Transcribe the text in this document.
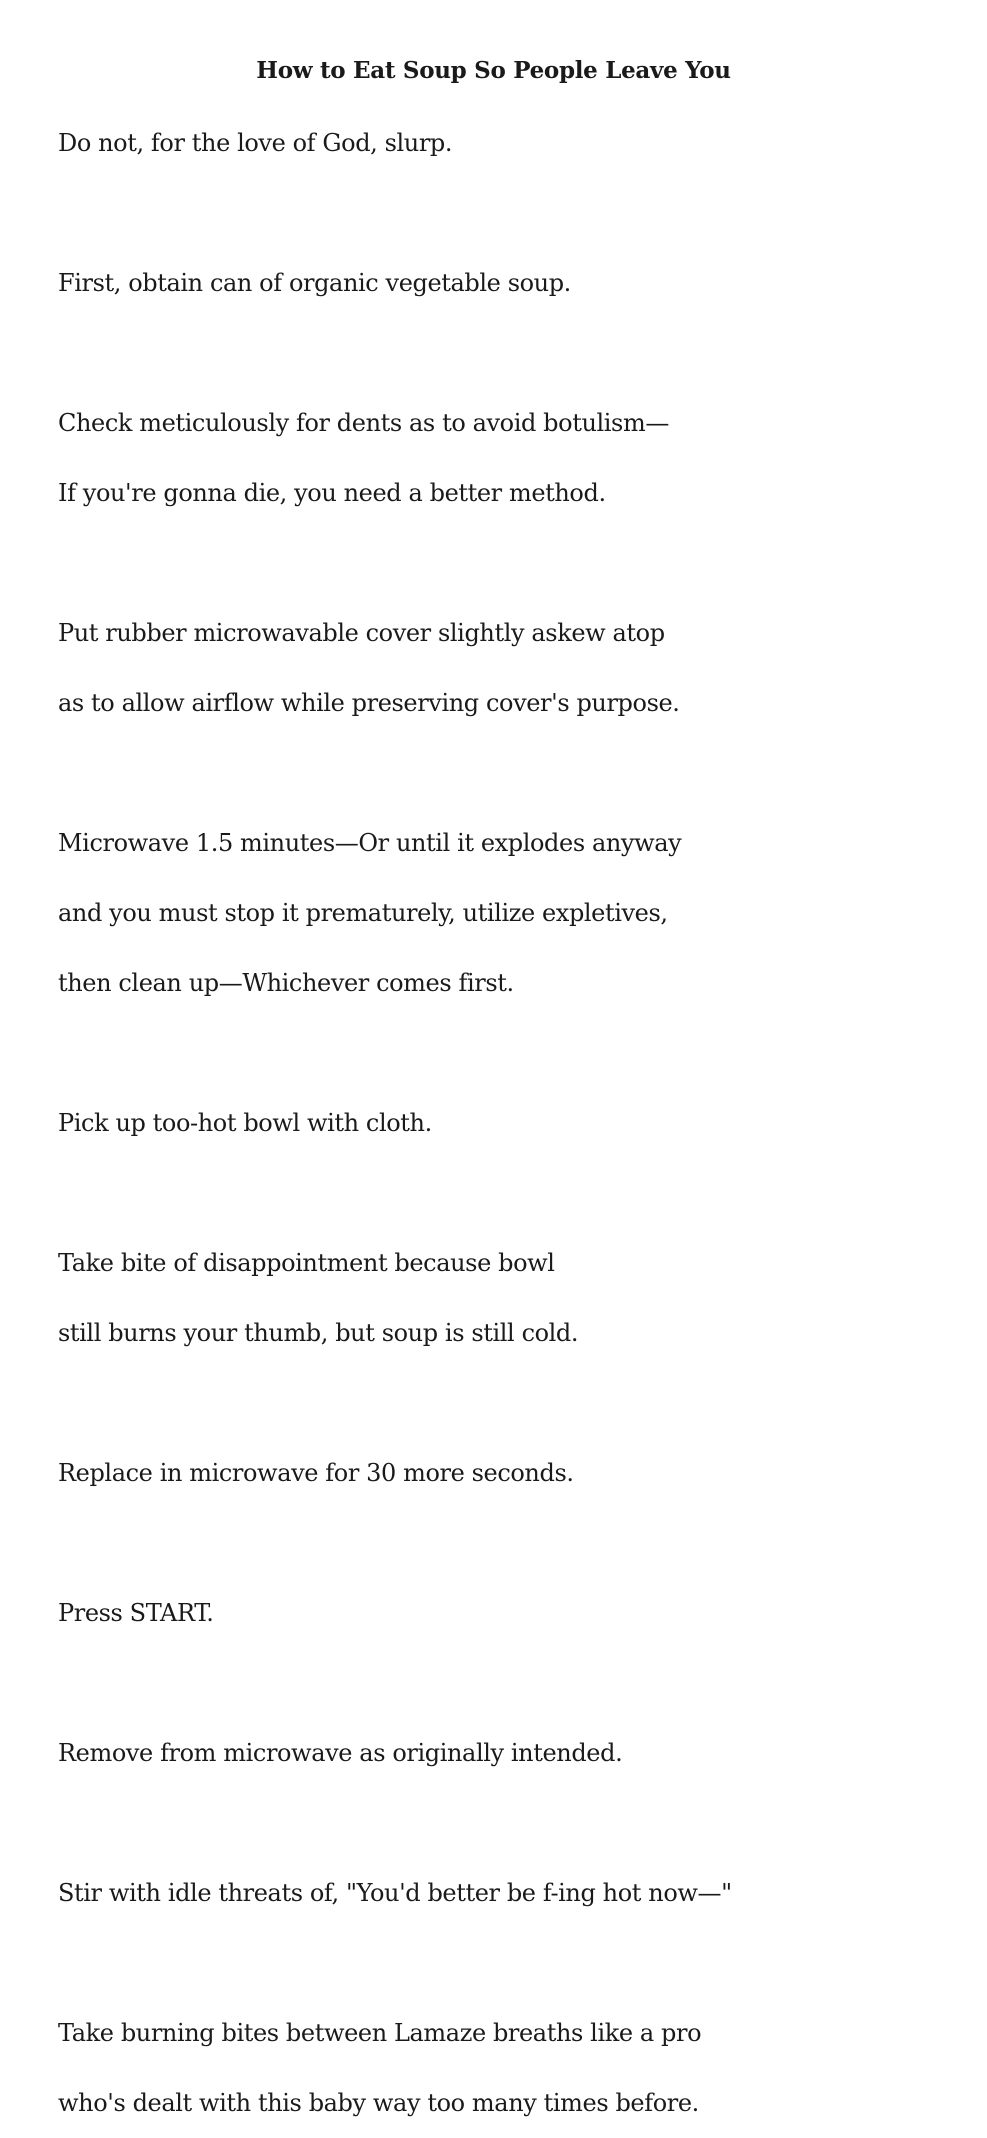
How to Eat Soup So People Leave You
Do not, for the love of God, slurp.
First, obtain can of organic vegetable soup.
Check meticulously for dents as to avoid botulism—
If you're gonna die, you need a better method.
Put rubber microwavable cover slightly askew atop
as to allow airflow while preserving cover's purpose.
Microwave 1.5 minutes—Or until it explodes anyway
and you must stop it prematurely, utilize expletives,
then clean up—Whichever comes first.
Pick up too-hot bowl with cloth.
Take bite of disappointment because bowl
still burns your thumb, but soup is still cold.
Replace in microwave for 30 more seconds.
Press START.
Remove from microwave as originally intended.
Stir with idle threats of, "You'd better be f-ing hot now—"
Take burning bites between Lamaze breaths like a pro
who's dealt with this baby way too many times before.
